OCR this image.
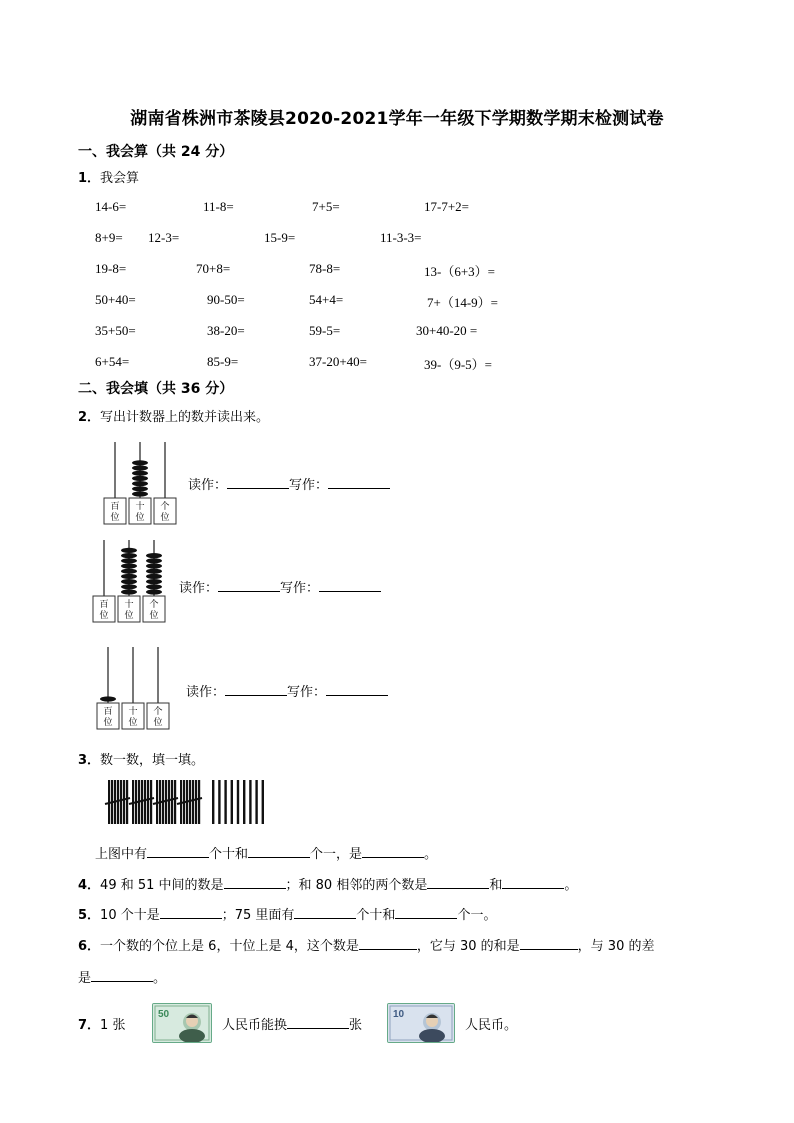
湖南省株洲市茶陵县2020-2021学年一年级下学期数学期末检测试卷
一、我会算（共 24 分）
1．我会算
14-6=	11-8=	7+5=	17-7+2=
8+9= 12-3=	15-9=	11-3-3=
19-8=	70+8=	78-8=	13-（6+3）=
50+40=	90-50=	54+4=	7+（14-9）=
35+50=	38-20=	59-5=	30+40-20 =
6+54=	85-9=	37-20+40=	39-（9-5）=
二、我会填（共 36 分）
2．写出计数器上的数并读出来。
百
位
十
位
个
位
读作：	写作：
百
位
十
位
个
位
读作：	写作：
百
位
十
位
个
位
读作：	写作：
3．数一数，填一填。
上图中有	个十和	个一，是	。
4．49 和 51 中间的数是	；和 80 相邻的两个数是	和	。
5．10 个十是	；75 里面有	个十和	个一。
6．一个数的个位上是 6，十位上是 4，这个数是	，它与 30 的和是	，与 30 的差
是	。
7．1 张
50
人民币能换	张
10
人民币。
